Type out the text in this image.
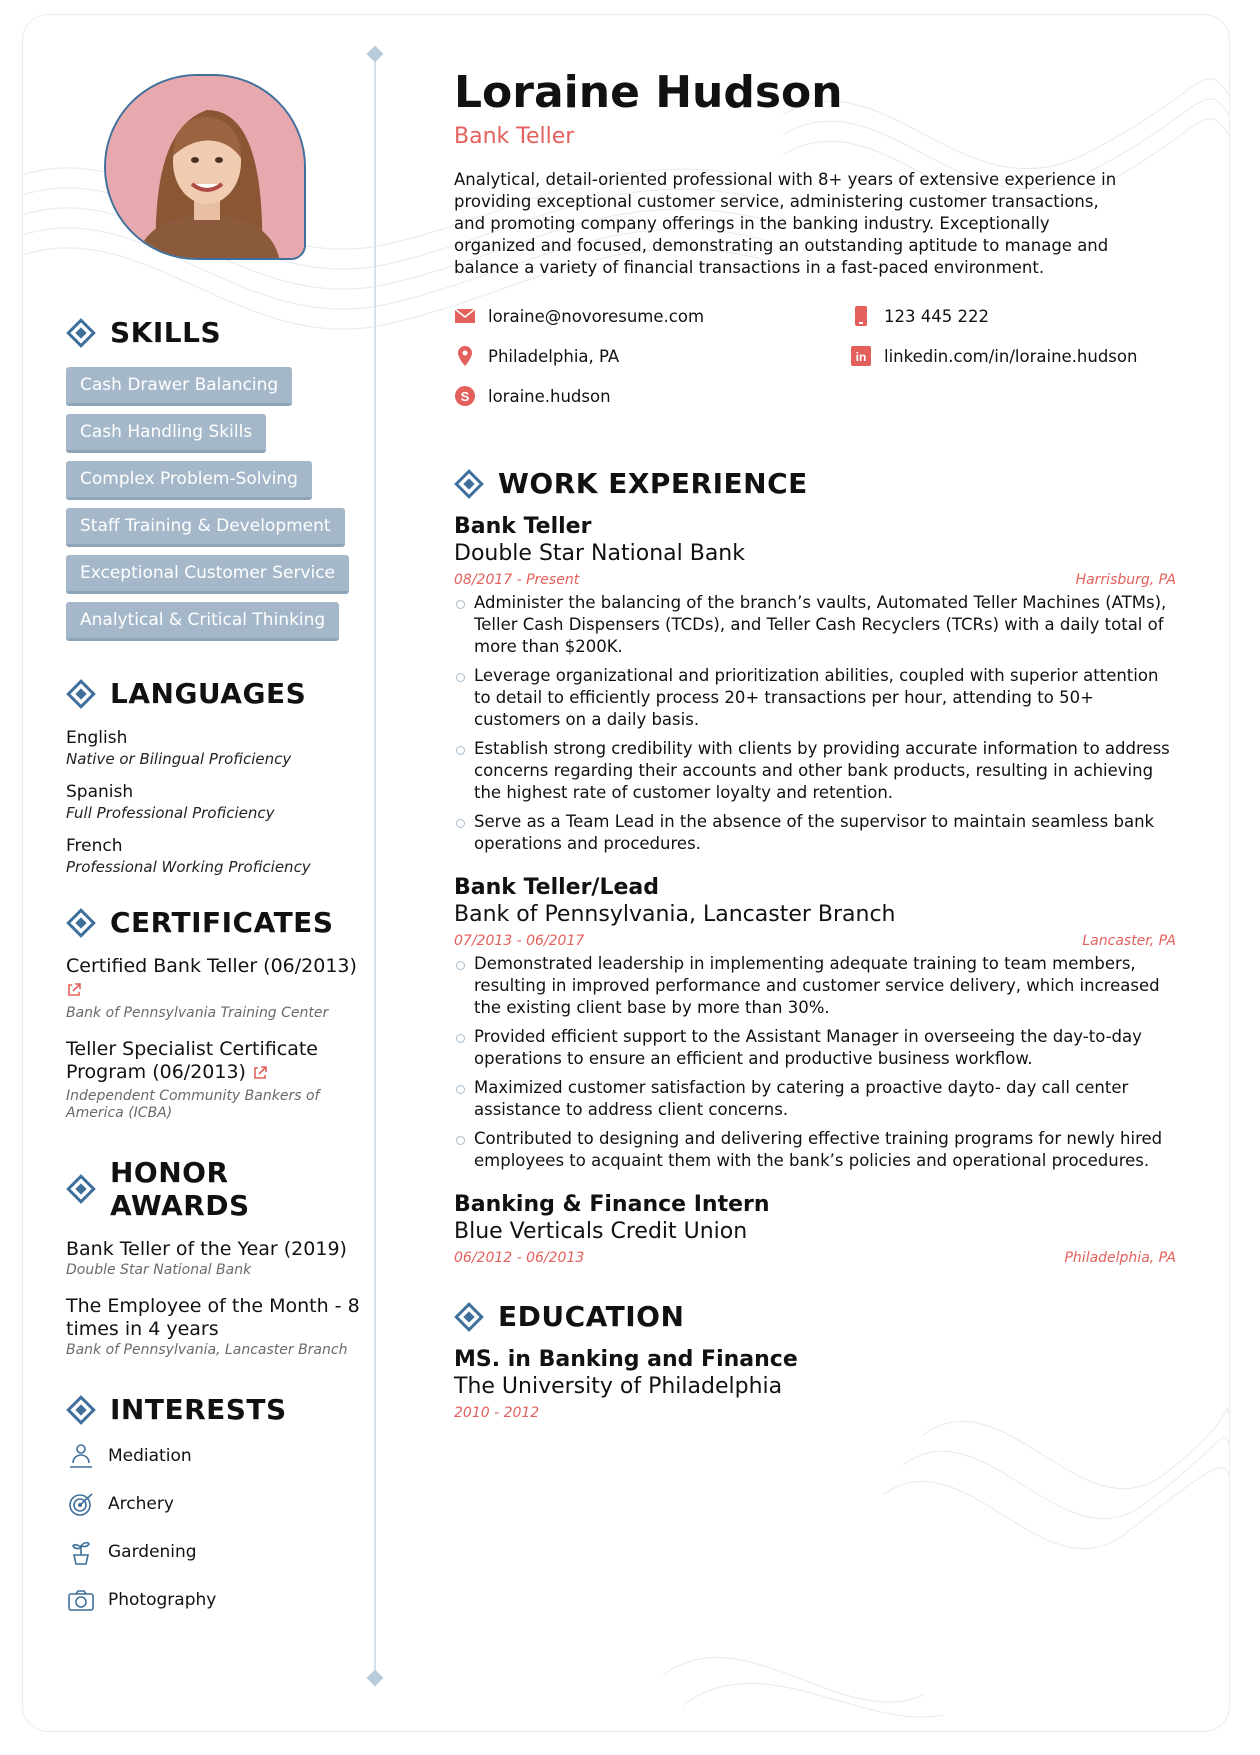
SKILLS
Cash Drawer Balancing
Cash Handling Skills
Complex Problem-Solving
Staff Training & Development
Exceptional Customer Service
Analytical & Critical Thinking
LANGUAGES

English

Native or Bilingual Proficiency

Spanish

Full Professional Proficiency

French

Professional Working Proficiency

CERTIFICATES

Certified Bank Teller (06/2013)

Bank of Pennsylvania Training Center

Teller Specialist Certificate Program (06/2013)

Independent Community Bankers of America (ICBA)

HONOR AWARDS

Bank Teller of the Year (2019)

Double Star National Bank

The Employee of the Month - 8 times in 4 years

Bank of Pennsylvania, Lancaster Branch

INTERESTS
Mediation
Archery
Gardening
Photography
Loraine Hudson

Bank Teller

Analytical, detail-oriented professional with 8+ years of extensive experience in providing exceptional customer service, administering customer transactions, and promoting company offerings in the banking industry. Exceptionally organized and focused, demonstrating an outstanding aptitude to manage and balance a variety of financial transactions in a fast-paced environment.

loraine@novoresume.com	123 445 222
Philadelphia, PA	in linkedin.com/in/loraine.hudson
S loraine.hudson
WORK EXPERIENCE

Bank Teller

Double Star National Bank

08/2017 - Present	Harrisburg, PA
Administer the balancing of the branch’s vaults, Automated Teller Machines (ATMs), Teller Cash Dispensers (TCDs), and Teller Cash Recyclers (TCRs) with a daily total of more than $200K.
Leverage organizational and prioritization abilities, coupled with superior attention to detail to efficiently process 20+ transactions per hour, attending to 50+ customers on a daily basis.
Establish strong credibility with clients by providing accurate information to address concerns regarding their accounts and other bank products, resulting in achieving the highest rate of customer loyalty and retention.
Serve as a Team Lead in the absence of the supervisor to maintain seamless bank operations and procedures.

Bank Teller/Lead

Bank of Pennsylvania, Lancaster Branch

07/2013 - 06/2017	Lancaster, PA
Demonstrated leadership in implementing adequate training to team members, resulting in improved performance and customer service delivery, which increased the existing client base by more than 30%.
Provided efficient support to the Assistant Manager in overseeing the day-to-day operations to ensure an efficient and productive business workflow.
Maximized customer satisfaction by catering a proactive dayto- day call center assistance to address client concerns.
Contributed to designing and delivering effective training programs for newly hired employees to acquaint them with the bank’s policies and operational procedures.

Banking & Finance Intern

Blue Verticals Credit Union

06/2012 - 06/2013	Philadelphia, PA
EDUCATION

MS. in Banking and Finance

The University of Philadelphia

2010 - 2012
